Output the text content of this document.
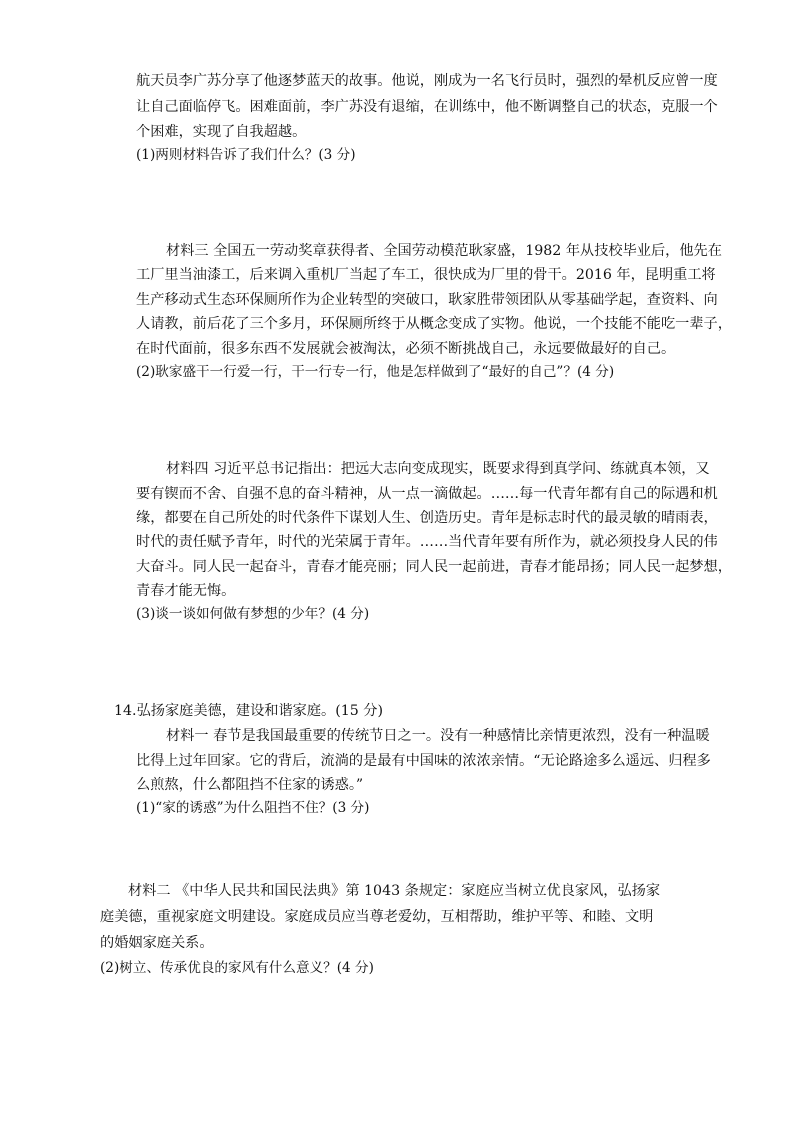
航天员李广苏分享了他逐梦蓝天的故事。他说，刚成为一名飞行员时，强烈的晕机反应曾一度
让自己面临停飞。困难面前，李广苏没有退缩，在训练中，他不断调整自己的状态，克服一个
个困难，实现了自我超越。
(1)两则材料告诉了我们什么？(3 分)
材料三 全国五一劳动奖章获得者、全国劳动模范耿家盛，1982 年从技校毕业后，他先在
工厂里当油漆工，后来调入重机厂当起了车工，很快成为厂里的骨干。2016 年，昆明重工将
生产移动式生态环保厕所作为企业转型的突破口，耿家胜带领团队从零基础学起，查资料、向
人请教，前后花了三个多月，环保厕所终于从概念变成了实物。他说，一个技能不能吃一辈子，
在时代面前，很多东西不发展就会被淘汰，必须不断挑战自己，永远要做最好的自己。
(2)耿家盛干一行爱一行，干一行专一行，他是怎样做到了“最好的自己”？(4 分)
材料四 习近平总书记指出：把远大志向变成现实，既要求得到真学问、练就真本领，又
要有锲而不舍、自强不息的奋斗精神，从一点一滴做起。……每一代青年都有自己的际遇和机
缘，都要在自己所处的时代条件下谋划人生、创造历史。青年是标志时代的最灵敏的晴雨表，
时代的责任赋予青年，时代的光荣属于青年。……当代青年要有所作为，就必须投身人民的伟
大奋斗。同人民一起奋斗，青春才能亮丽；同人民一起前进，青春才能昂扬；同人民一起梦想，
青春才能无悔。
(3)谈一谈如何做有梦想的少年？(4 分)
14.弘扬家庭美德，建设和谐家庭。(15 分)
材料一 春节是我国最重要的传统节日之一。没有一种感情比亲情更浓烈，没有一种温暖
比得上过年回家。它的背后，流淌的是最有中国味的浓浓亲情。“无论路途多么遥远、归程多
么煎熬，什么都阻挡不住家的诱惑。”
(1)“家的诱惑”为什么阻挡不住？(3 分)
材料二 《中华人民共和国民法典》第 1043 条规定：家庭应当树立优良家风，弘扬家
庭美德，重视家庭文明建设。家庭成员应当尊老爱幼，互相帮助，维护平等、和睦、文明
的婚姻家庭关系。
(2)树立、传承优良的家风有什么意义？(4 分)
